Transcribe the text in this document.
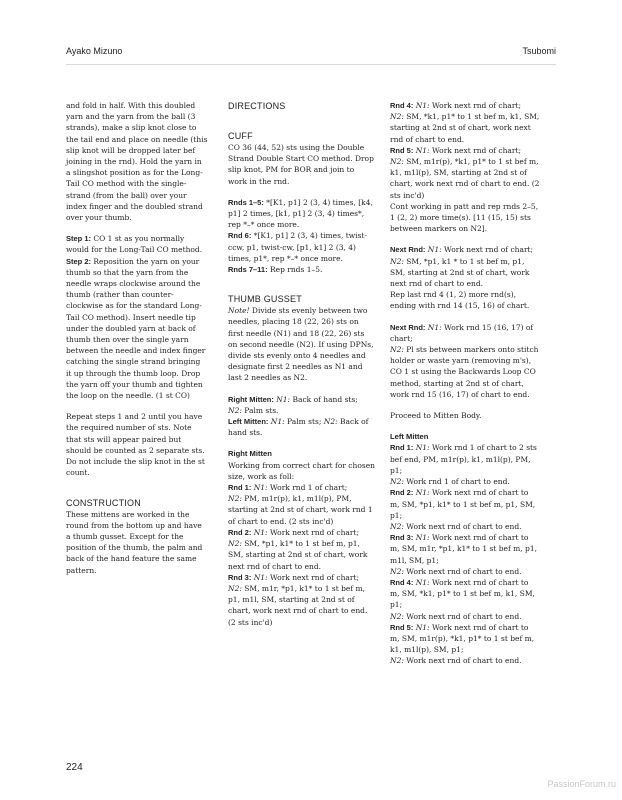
Ayako Mizuno	Tsubomi

and fold in half. With this doubled yarn and the yarn from the ball (3 strands), make a slip knot close to the tail end and place on needle (this slip knot will be dropped later bef joining in the rnd). Hold the yarn in a slingshot position as for the Long-Tail CO method with the single-strand (from the ball) over your index finger and the doubled strand over your thumb.

Step 1: CO 1 st as you normally would for the Long-Tail CO method.

Step 2: Reposition the yarn on your thumb so that the yarn from the needle wraps clockwise around the thumb (rather than counter-clockwise as for the standard Long-Tail CO method). Insert needle tip under the doubled yarn at back of thumb then over the single yarn between the needle and index finger catching the single strand bringing it up through the thumb loop. Drop the yarn off your thumb and tighten the loop on the needle. (1 st CO)

Repeat steps 1 and 2 until you have the required number of sts. Note that sts will appear paired but should be counted as 2 separate sts. Do not include the slip knot in the st count.

CONSTRUCTION

These mittens are worked in the round from the bottom up and have a thumb gusset. Except for the position of the thumb, the palm and back of the hand feature the same pattern.

DIRECTIONS

CUFF

CO 36 (44, 52) sts using the Double Strand Double Start CO method. Drop slip knot, PM for BOR and join to work in the rnd.

Rnds 1–5: *[K1, p1] 2 (3, 4) times, [k4, p1] 2 times, [k1, p1] 2 (3, 4) times*, rep *–* once more.

Rnd 6: *[K1, p1] 2 (3, 4) times, twist-ccw, p1, twist-cw, [p1, k1] 2 (3, 4) times, p1*, rep *–* once more.

Rnds 7–11: Rep rnds 1–5.

THUMB GUSSET

Note! Divide sts evenly between two needles, placing 18 (22, 26) sts on first needle (N1) and 18 (22, 26) sts on second needle (N2). If using DPNs, divide sts evenly onto 4 needles and designate first 2 needles as N1 and last 2 needles as N2.

Right Mitten: N1: Back of hand sts;
N2: Palm sts.

Left Mitten: N1: Palm sts; N2: Back of hand sts.

Right Mitten

Working from correct chart for chosen size, work as foll:

Rnd 1: N1: Work rnd 1 of chart;
N2: PM, m1r(p), k1, m1l(p), PM, starting at 2nd st of chart, work rnd 1 of chart to end. (2 sts inc'd)

Rnd 2: N1: Work next rnd of chart;
N2: SM, *p1, k1* to 1 st bef m, p1, SM, starting at 2nd st of chart, work next rnd of chart to end.

Rnd 3: N1: Work next rnd of chart;
N2: SM, m1r, *p1, k1* to 1 st bef m, p1, m1l, SM, starting at 2nd st of chart, work next rnd of chart to end. (2 sts inc'd)

Rnd 4: N1: Work next rnd of chart;
N2: SM, *k1, p1* to 1 st bef m, k1, SM, starting at 2nd st of chart, work next rnd of chart to end.

Rnd 5: N1: Work next rnd of chart;
N2: SM, m1r(p), *k1, p1* to 1 st bef m, k1, m1l(p), SM, starting at 2nd st of chart, work next rnd of chart to end. (2 sts inc'd)

Cont working in patt and rep rnds 2–5, 1 (2, 2) more time(s). [11 (15, 15) sts between markers on N2].

Next Rnd: N1: Work next rnd of chart;
N2: SM, *p1, k1 * to 1 st bef m, p1, SM, starting at 2nd st of chart, work next rnd of chart to end.

Rep last rnd 4 (1, 2) more rnd(s), ending with rnd 14 (15, 16) of chart.

Next Rnd: N1: Work rnd 15 (16, 17) of chart;
N2: Pl sts between markers onto stitch holder or waste yarn (removing m's), CO 1 st using the Backwards Loop CO method, starting at 2nd st of chart, work rnd 15 (16, 17) of chart to end.

Proceed to Mitten Body.

Left Mitten

Rnd 1: N1: Work rnd 1 of chart to 2 sts bef end, PM, m1r(p), k1, m1l(p), PM, p1;
N2: Work rnd 1 of chart to end.

Rnd 2: N1: Work next rnd of chart to m, SM, *p1, k1* to 1 st bef m, p1, SM, p1;
N2: Work next rnd of chart to end.

Rnd 3: N1: Work next rnd of chart to m, SM, m1r, *p1, k1* to 1 st bef m, p1, m1l, SM, p1;
N2: Work next rnd of chart to end.

Rnd 4: N1: Work next rnd of chart to m, SM, *k1, p1* to 1 st bef m, k1, SM, p1;
N2: Work next rnd of chart to end.

Rnd 5: N1: Work next rnd of chart to m, SM, m1r(p), *k1, p1* to 1 st bef m, k1, m1l(p), SM, p1;
N2: Work next rnd of chart to end.

224
PassionForum.ru
